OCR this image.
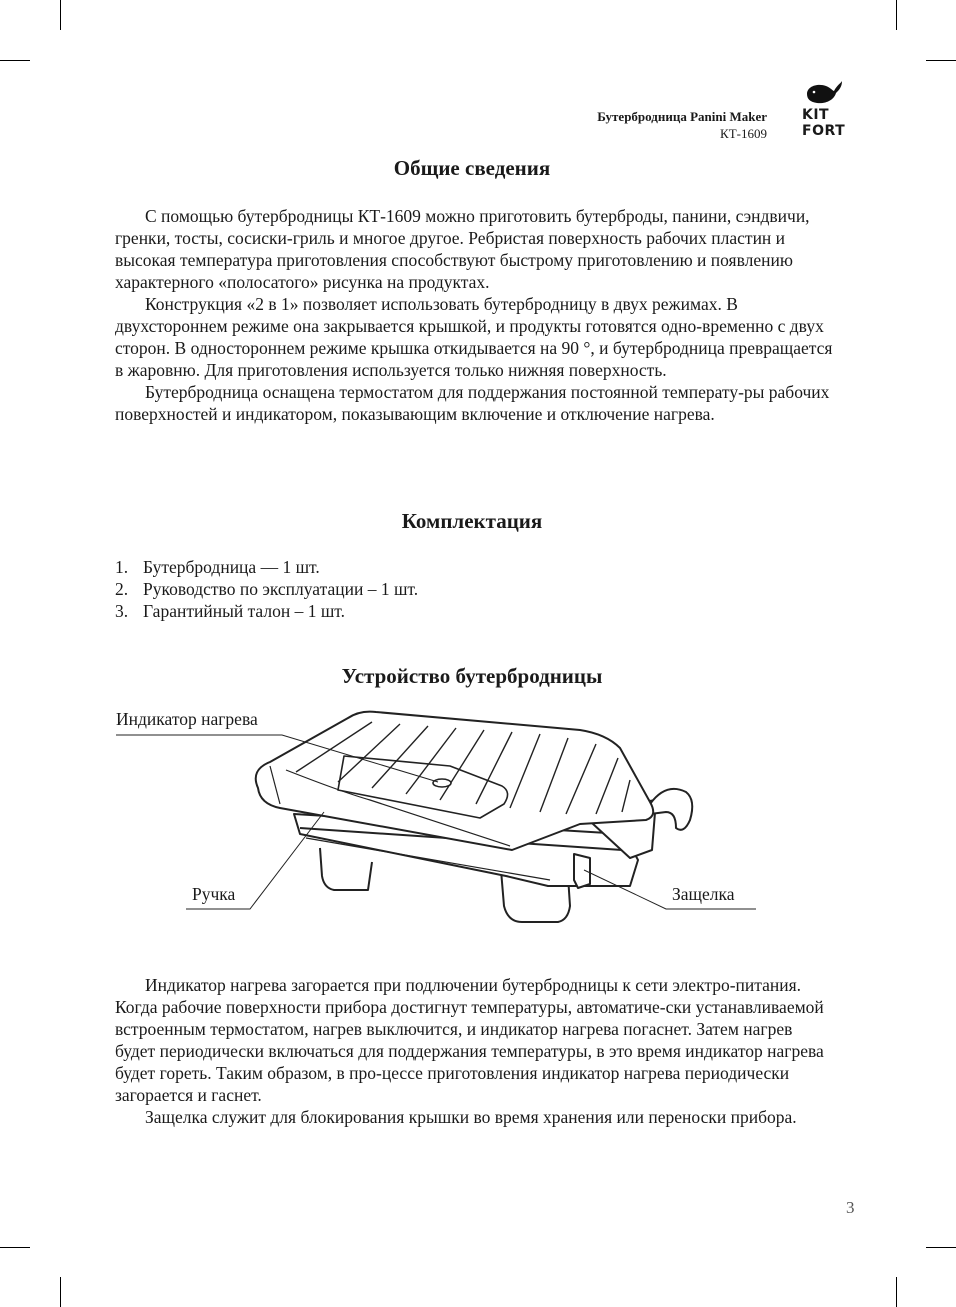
Бутербродница Panini Maker
КТ-1609
KIT
FORT
Общие сведения

С помощью бутербродницы КТ-1609 можно приготовить бутерброды, панини, сэндвичи, гренки, тосты, сосиски-гриль и многое другое. Ребристая поверхность рабочих пластин и высокая температура приготовления способствуют быстрому приготовлению и появлению характерного «полосатого» рисунка на продуктах.

Конструкция «2 в 1» позволяет использовать бутербродницу в двух режимах. В двухстороннем режиме она закрывается крышкой, и продукты готовятся одно-временно с двух сторон. В одностороннем режиме крышка откидывается на 90 °, и бутербродница превращается в жаровню. Для приготовления используется только нижняя поверхность.

Бутербродница оснащена термостатом для поддержания постоянной температу-ры рабочих поверхностей и индикатором, показывающим включение и отключение нагрева.

Комплектация
1. Бутербродница — 1 шт.
2. Руководство по эксплуатации – 1 шт.
3. Гарантийный талон – 1 шт.
Устройство бутербродницы
Индикатор нагрева
Ручка	Защелка

Индикатор нагрева загорается при подлючении бутербродницы к сети электро-питания. Когда рабочие поверхности прибора достигнут температуры, автоматиче-ски устанавливаемой встроенным термостатом, нагрев выключится, и индикатор нагрева погаснет. Затем нагрев будет периодически включаться для поддержания температуры, в это время индикатор нагрева будет гореть. Таким образом, в про-цессе приготовления индикатор нагрева периодически загорается и гаснет.

Защелка служит для блокирования крышки во время хранения или переноски прибора.

3
